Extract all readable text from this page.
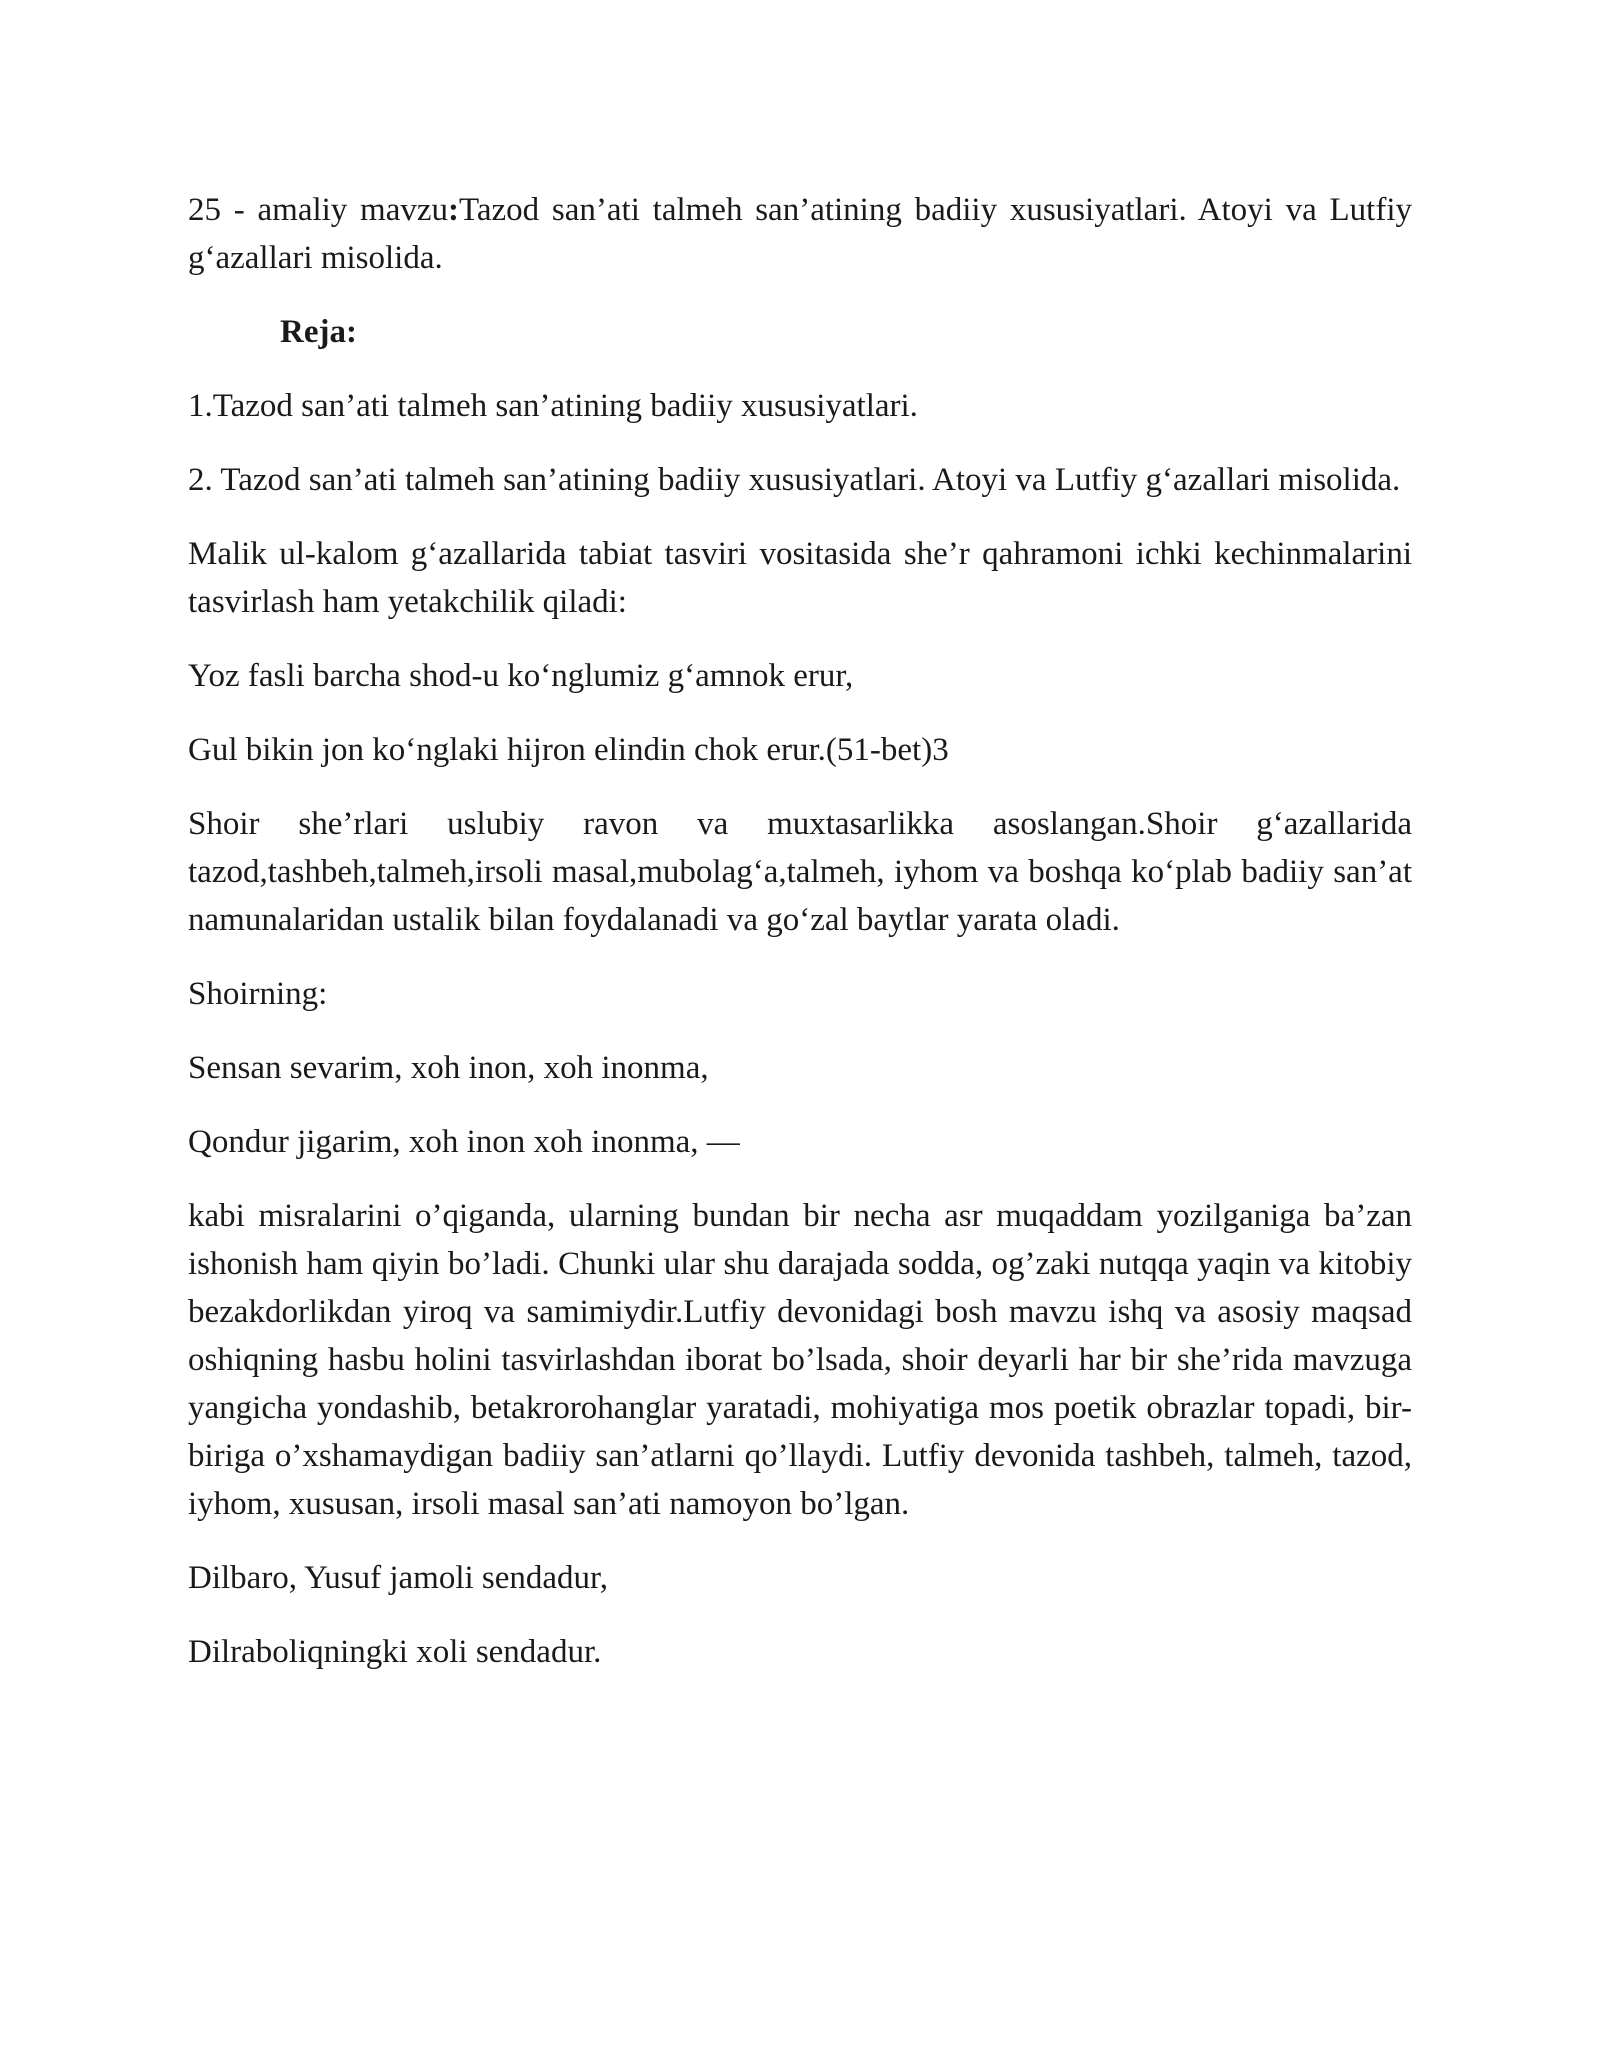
25 - amaliy mavzu:Tazod san’ati talmeh san’atining badiiy xususiyatlari. Atoyi va Lutfiy g‘azallari misolida.

Reja:

1.Tazod san’ati talmeh san’atining badiiy xususiyatlari.

2. Tazod san’ati talmeh san’atining badiiy xususiyatlari. Atoyi va Lutfiy g‘azallari misolida.

Malik ul-kalom g‘azallarida tabiat tasviri vositasida she’r qahramoni ichki kechinmalarini tasvirlash ham yetakchilik qiladi:

Yoz fasli barcha shod-u ko‘nglumiz g‘amnok erur,

Gul bikin jon ko‘nglaki hijron elindin chok erur.(51-bet)3

Shoir she’rlari uslubiy ravon va muxtasarlikka asoslangan.Shoir g‘azallarida tazod,tashbeh,talmeh,irsoli masal,mubolag‘a,talmeh, iyhom va boshqa ko‘plab badiiy san’at namunalaridan ustalik bilan foydalanadi va go‘zal baytlar yarata oladi.

Shoirning:

Sensan sevarim, xoh inon, xoh inonma,

Qondur jigarim, xoh inon xoh inonma, —

kabi misralarini o’qiganda, ularning bundan bir necha asr muqaddam yozilganiga ba’zan ishonish ham qiyin bo’ladi. Chunki ular shu darajada sodda, og’zaki nutqqa yaqin va kitobiy bezakdorlikdan yiroq va samimiydir.Lutfiy devonidagi bosh mavzu ishq va asosiy maqsad oshiqning hasbu holini tasvirlashdan iborat bo’lsada, shoir deyarli har bir she’rida mavzuga yangicha yondashib, betakrorohanglar yaratadi, mohiyatiga mos poetik obrazlar topadi, bir-biriga o’xshamaydigan badiiy san’atlarni qo’llaydi. Lutfiy devonida tashbeh, talmeh, tazod, iyhom, xususan, irsoli masal san’ati namoyon bo’lgan.

Dilbaro, Yusuf jamoli sendadur,

Dilraboliqningki xoli sendadur.
